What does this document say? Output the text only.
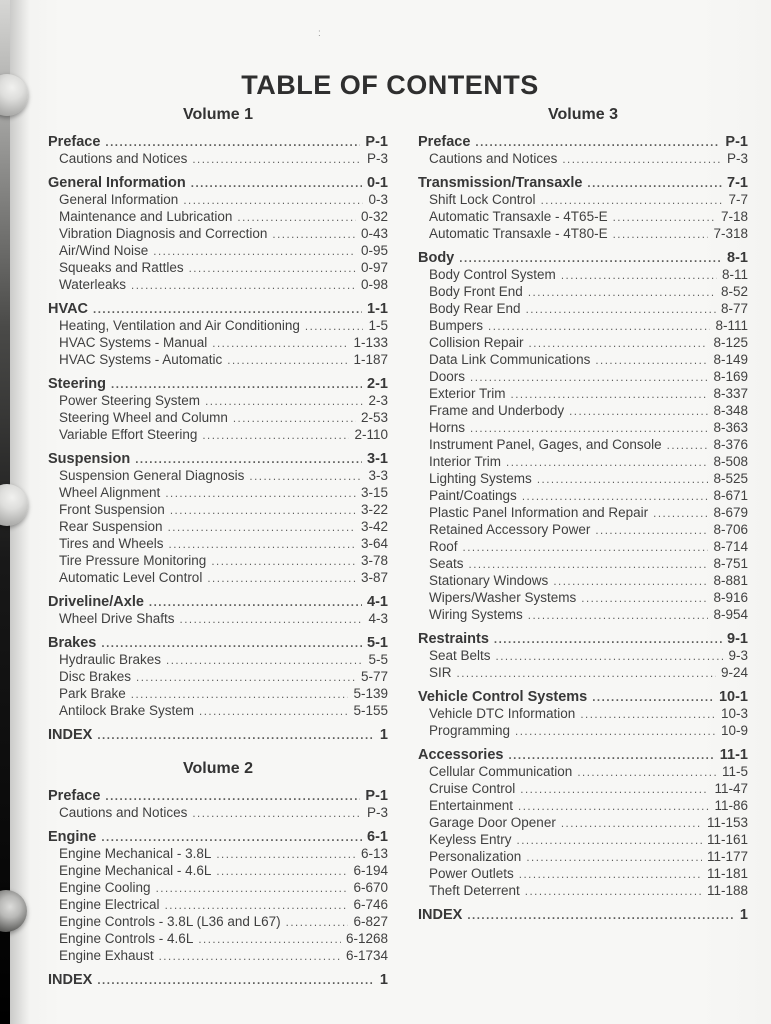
:
TABLE OF CONTENTS
Volume 1
Preface .....	P-1
Cautions and Notices .....	P-3
General Information .....	0-1
General Information .....	0-3
Maintenance and Lubrication .....	0-32
Vibration Diagnosis and Correction .....	0-43
Air/Wind Noise .....	0-95
Squeaks and Rattles .....	0-97
Waterleaks .....	0-98
HVAC .....	1-1
Heating, Ventilation and Air Conditioning .....	1-5
HVAC Systems - Manual .....	1-133
HVAC Systems - Automatic .....	1-187
Steering .....	2-1
Power Steering System .....	2-3
Steering Wheel and Column .....	2-53
Variable Effort Steering .....	2-110
Suspension .....	3-1
Suspension General Diagnosis .....	3-3
Wheel Alignment .....	3-15
Front Suspension .....	3-22
Rear Suspension .....	3-42
Tires and Wheels .....	3-64
Tire Pressure Monitoring .....	3-78
Automatic Level Control .....	3-87
Driveline/Axle .....	4-1
Wheel Drive Shafts .....	4-3
Brakes .....	5-1
Hydraulic Brakes .....	5-5
Disc Brakes .....	5-77
Park Brake .....	5-139
Antilock Brake System .....	5-155
INDEX .....	1
Volume 2
Preface .....	P-1
Cautions and Notices .....	P-3
Engine .....	6-1
Engine Mechanical - 3.8L .....	6-13
Engine Mechanical - 4.6L .....	6-194
Engine Cooling .....	6-670
Engine Electrical .....	6-746
Engine Controls - 3.8L (L36 and L67) .....	6-827
Engine Controls - 4.6L .....	6-1268
Engine Exhaust .....	6-1734
INDEX .....	1
Volume 3
Preface .....	P-1
Cautions and Notices .....	P-3
Transmission/Transaxle .....	7-1
Shift Lock Control .....	7-7
Automatic Transaxle - 4T65-E .....	7-18
Automatic Transaxle - 4T80-E .....	7-318
Body .....	8-1
Body Control System .....	8-11
Body Front End .....	8-52
Body Rear End .....	8-77
Bumpers .....	8-111
Collision Repair .....	8-125
Data Link Communications .....	8-149
Doors .....	8-169
Exterior Trim .....	8-337
Frame and Underbody .....	8-348
Horns .....	8-363
Instrument Panel, Gages, and Console .....	8-376
Interior Trim .....	8-508
Lighting Systems .....	8-525
Paint/Coatings .....	8-671
Plastic Panel Information and Repair .....	8-679
Retained Accessory Power .....	8-706
Roof .....	8-714
Seats .....	8-751
Stationary Windows .....	8-881
Wipers/Washer Systems .....	8-916
Wiring Systems .....	8-954
Restraints .....	9-1
Seat Belts .....	9-3
SIR .....	9-24
Vehicle Control Systems .....	10-1
Vehicle DTC Information .....	10-3
Programming .....	10-9
Accessories .....	11-1
Cellular Communication .....	11-5
Cruise Control .....	11-47
Entertainment .....	11-86
Garage Door Opener .....	11-153
Keyless Entry .....	11-161
Personalization .....	11-177
Power Outlets .....	11-181
Theft Deterrent .....	11-188
INDEX .....	1
